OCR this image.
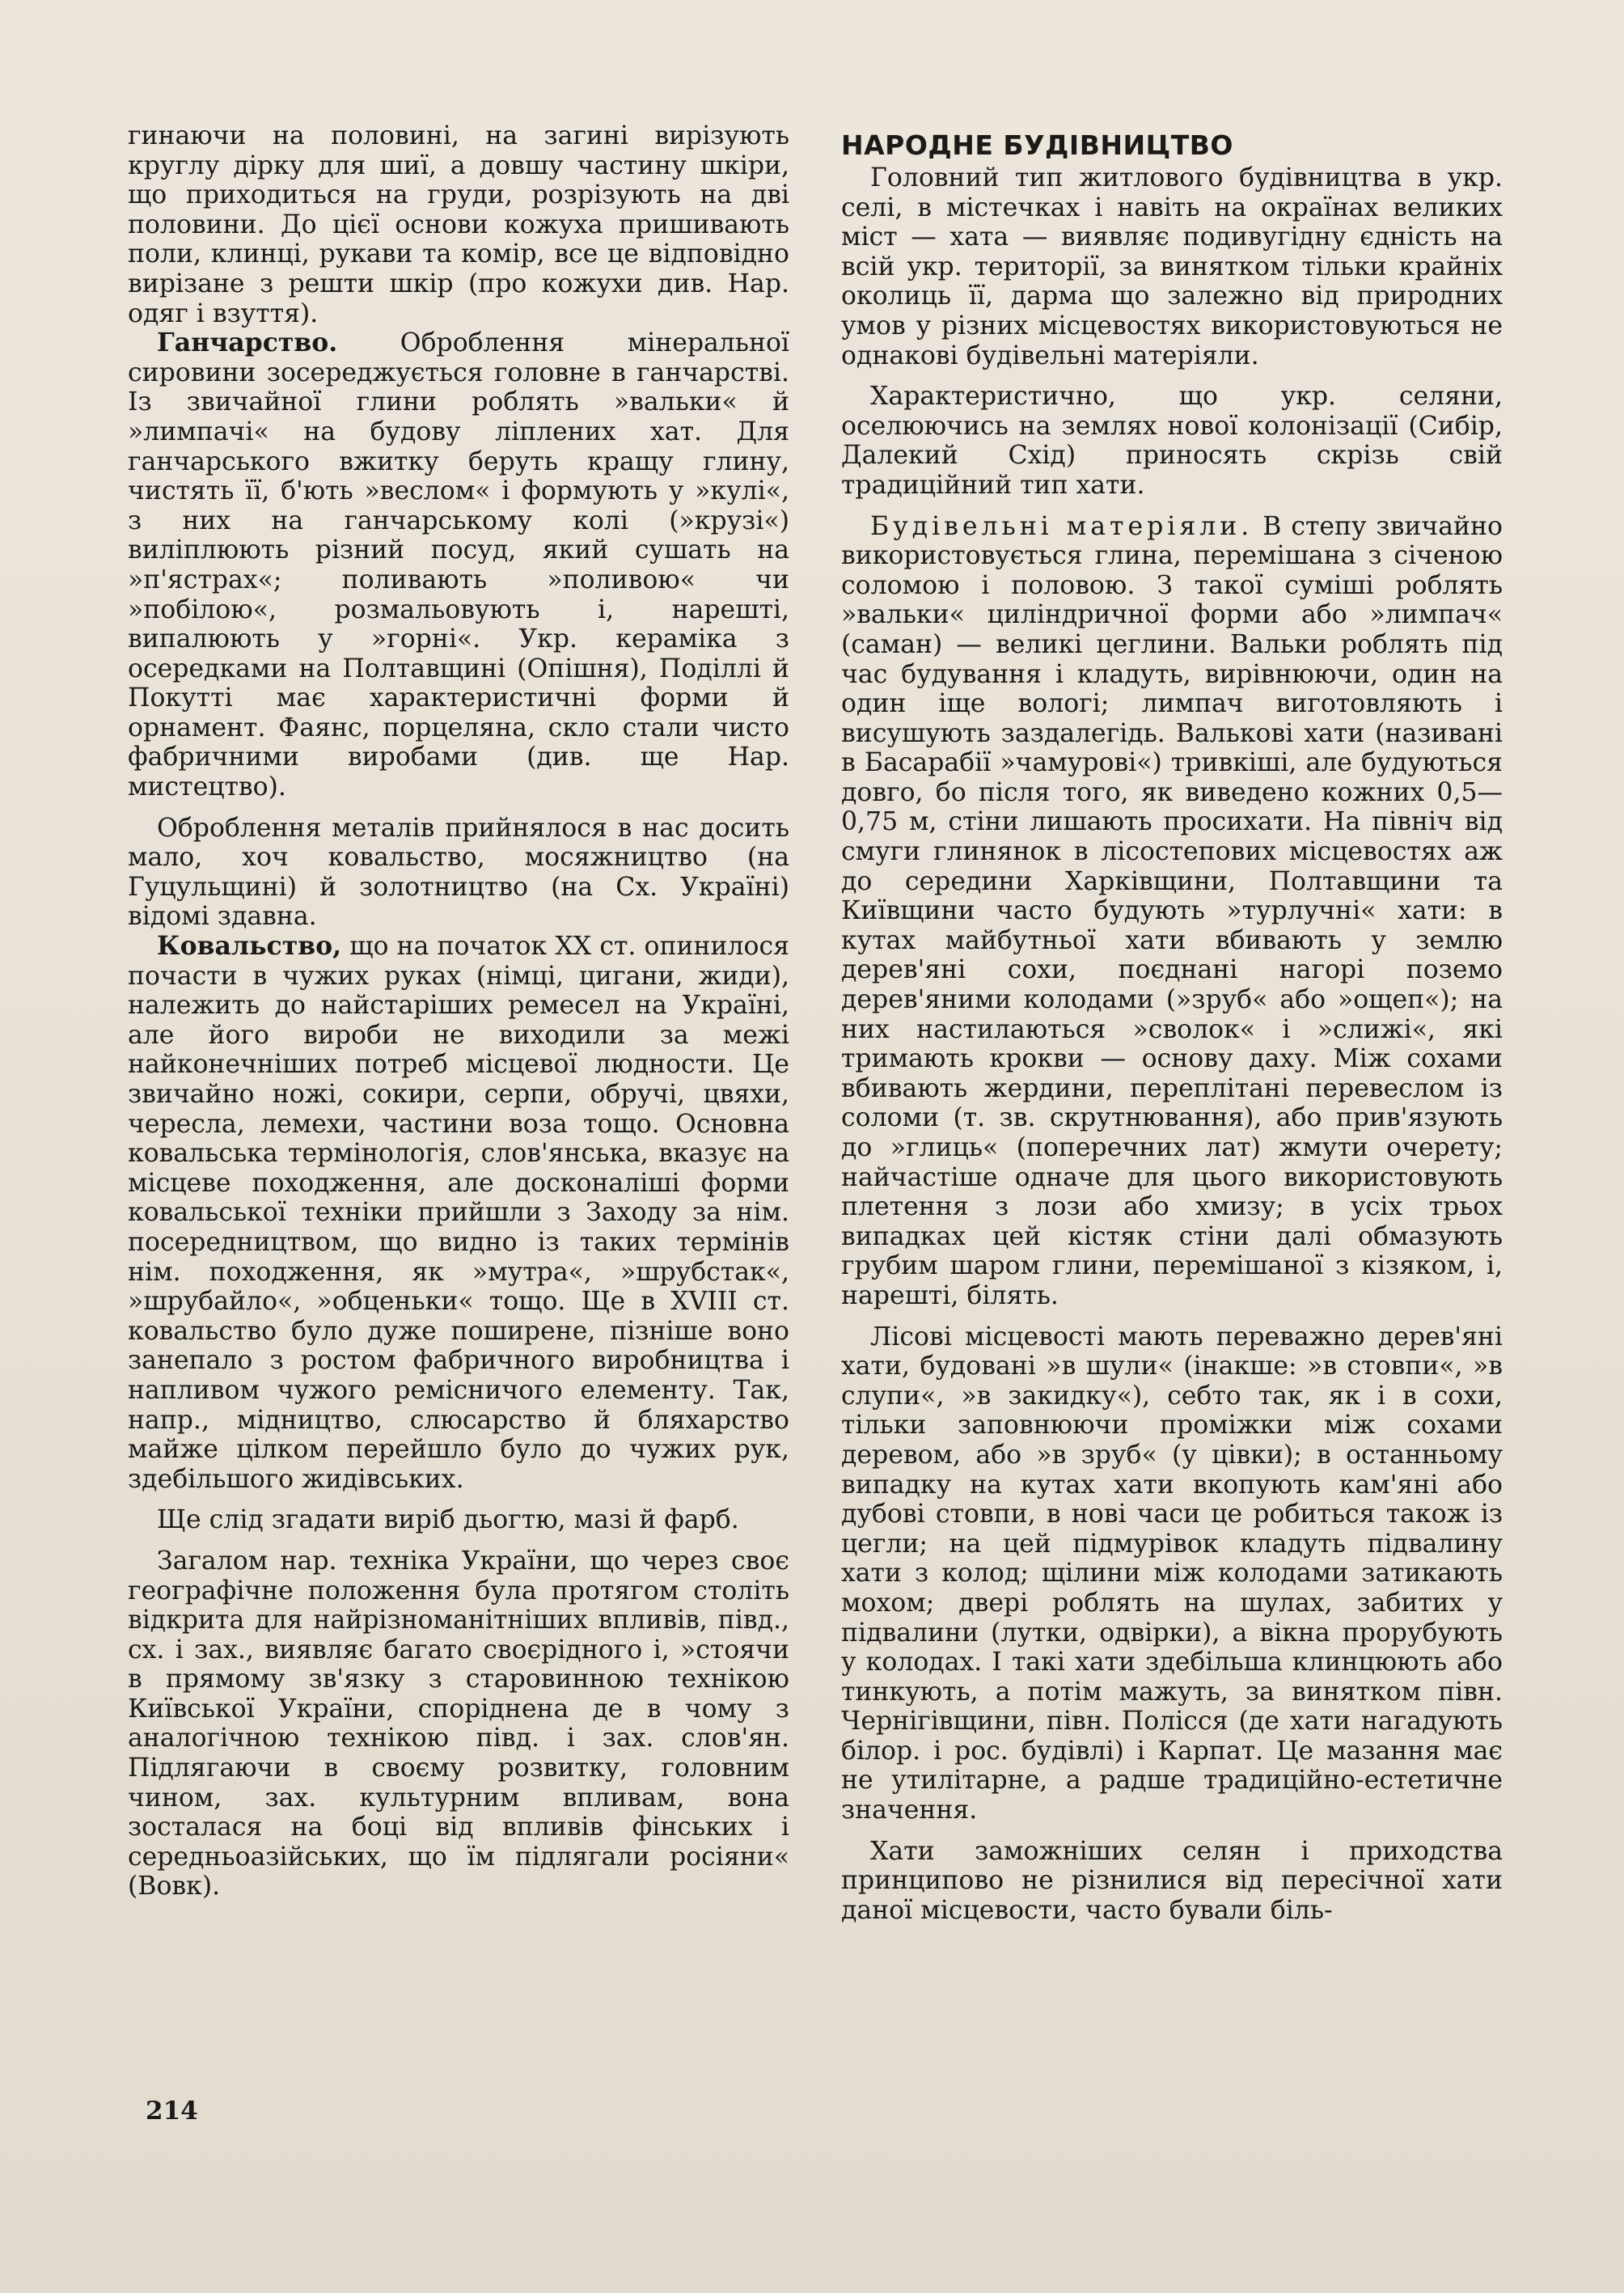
гинаючи на половині, на загині вирізують круглу дірку для шиї, а довшу частину шкіри, що приходиться на груди, розрізують на дві половини. До цієї основи кожуха пришивають поли, клинці, рукави та комір, все це відповідно вирізане з решти шкір (про кожухи див. Нар. одяг і взуття).

Ганчарство. Оброблення мінеральної сировини зосереджується головне в ганчарстві. Із звичайної глини роблять »вальки« й »лимпачі« на будову ліплених хат. Для ганчарського вжитку беруть кращу глину, чистять її, б'ють »веслом« і формують у »кулі«, з них на ганчарському колі (»крузі«) виліплюють різний посуд, який сушать на »п'ястрах«; поливають »поливою« чи »побілою«, розмальовують і, нарешті, випалюють у »горні«. Укр. кераміка з осередками на Полтавщині (Опішня), Поділлі й Покутті має характеристичні форми й орнамент. Фаянс, порцеляна, скло стали чисто фабричними виробами (див. ще Нар. мистецтво).

Оброблення металів прийнялося в нас досить мало, хоч ковальство, мосяжництво (на Гуцульщині) й золотництво (на Сх. Україні) відомі здавна.

Ковальство, що на початок XX ст. опинилося почасти в чужих руках (німці, цигани, жиди), належить до найстаріших ремесел на Україні, але його вироби не виходили за межі найконечніших потреб місцевої людности. Це звичайно ножі, сокири, серпи, обручі, цвяхи, чересла, лемехи, частини воза тощо. Основна ковальська термінологія, слов'янська, вказує на місцеве походження, але досконаліші форми ковальської техніки прийшли з Заходу за нім. посередництвом, що видно із таких термінів нім. походження, як »мутра«, »шрубстак«, »шрубайло«, »обценьки« тощо. Ще в XVIII ст. ковальство було дуже поширене, пізніше воно занепало з ростом фабричного виробництва і напливом чужого ремісничого елементу. Так, напр., мідництво, слюсарство й бляхарство майже цілком перейшло було до чужих рук, здебільшого жидівських.

Ще слід згадати виріб дьогтю, мазі й фарб.

Загалом нар. техніка України, що через своє географічне положення була протягом століть відкрита для найрізноманітніших впливів, півд., сх. і зах., виявляє багато своєрідного і, »стоячи в прямому зв'язку з старовинною технікою Київської України, споріднена де в чому з аналогічною технікою півд. і зах. слов'ян. Підлягаючи в своєму розвитку, головним чином, зах. культурним впливам, вона зосталася на боці від впливів фінських і середньоазійських, що їм підлягали росіяни« (Вовк).

НАРОДНЕ БУДІВНИЦТВО

Головний тип житлового будівництва в укр. селі, в містечках і навіть на окраїнах великих міст — хата — виявляє подивугідну єдність на всій укр. території, за винятком тільки крайніх околиць її, дарма що залежно від природних умов у різних місцевостях використовуються не однакові будівельні матеріяли.

Характеристично, що укр. селяни, оселюючись на землях нової колонізації (Сибір, Далекий Схід) приносять скрізь свій традиційний тип хати.

Будівельні матеріяли. В степу звичайно використовується глина, перемішана з січеною соломою і половою. З такої суміші роблять »вальки« циліндричної форми або »лимпач« (саман) — великі цеглини. Вальки роблять під час будування і кладуть, вирівнюючи, один на один іще вологі; лимпач виготовляють і висушують заздалегідь. Валькові хати (називані в Басарабії »чамурові«) тривкіші, але будуються довго, бо після того, як виведено кожних 0,5—0,75 м, стіни лишають просихати. На північ від смуги глинянок в лісостепових місцевостях аж до середини Харківщини, Полтавщини та Київщини часто будують »турлучні« хати: в кутах майбутньої хати вбивають у землю дерев'яні сохи, поєднані нагорі поземо дерев'яними колодами (»зруб« або »ощеп«); на них настилаються »сволок« і »слижі«, які тримають крокви — основу даху. Між сохами вбивають жердини, переплітані перевеслом із соломи (т. зв. скрутнювання), або прив'язують до »глиць« (поперечних лат) жмути очерету; найчастіше одначе для цього використовують плетення з лози або хмизу; в усіх трьох випадках цей кістяк стіни далі обмазують грубим шаром глини, перемішаної з кізяком, і, нарешті, білять.

Лісові місцевості мають переважно дерев'яні хати, будовані »в шули« (інакше: »в стовпи«, »в слупи«, »в закидку«), себто так, як і в сохи, тільки заповнюючи проміжки між сохами деревом, або »в зруб« (у цівки); в останньому випадку на кутах хати вкопують кам'яні або дубові стовпи, в нові часи це робиться також із цегли; на цей підмурівок кладуть підвалину хати з колод; щілини між колодами затикають мохом; двері роблять на шулах, забитих у підвалини (лутки, одвірки), а вікна прорубують у колодах. І такі хати здебільша клинцюють або тинкують, а потім мажуть, за винятком півн. Чернігівщини, півн. Полісся (де хати нагадують білор. і рос. будівлі) і Карпат. Це мазання має не утилітарне, а радше традиційно-естетичне значення.

Хати заможніших селян і приходства принципово не різнилися від пересічної хати даної місцевости, часто бували біль-

214
